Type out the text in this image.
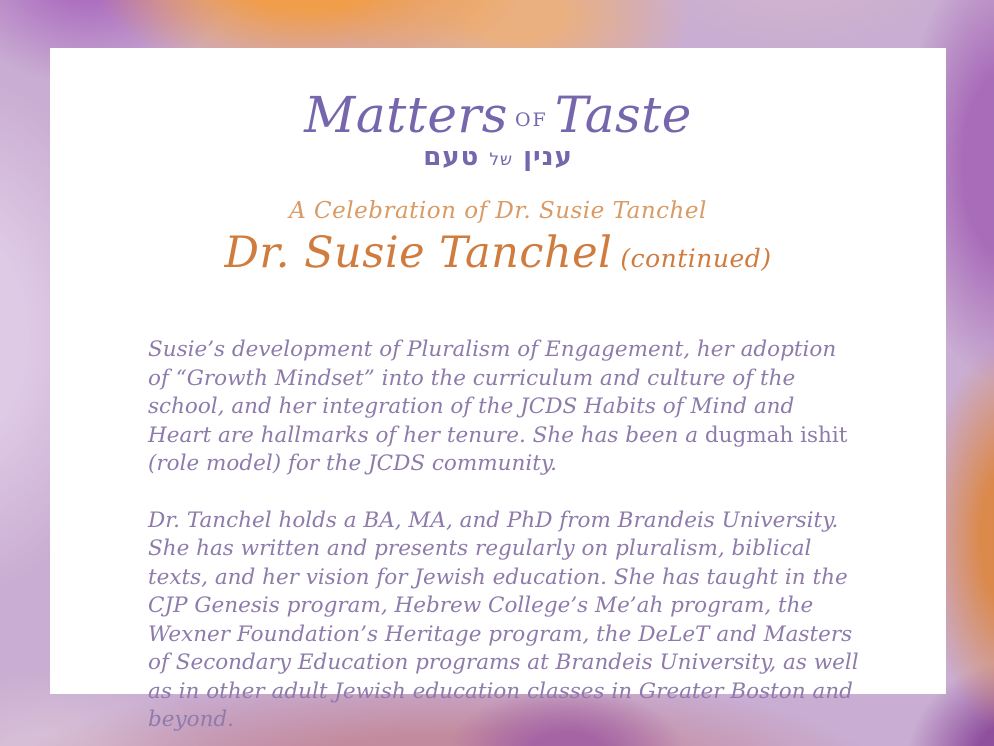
Matters OF Taste
ענין של טעם
A Celebration of Dr. Susie Tanchel
Dr. Susie Tanchel (continued)

Susie’s development of Pluralism of Engagement, her adoption of “Growth Mindset” into the curriculum and culture of the school, and her integration of the JCDS Habits of Mind and Heart are hallmarks of her tenure. She has been a dugmah ishit (role model) for the JCDS community.

Dr. Tanchel holds a BA, MA, and PhD from Brandeis University. She has written and presents regularly on pluralism, biblical texts, and her vision for Jewish education. She has taught in the CJP Genesis program, Hebrew College’s Me’ah program, the Wexner Foundation’s Heritage program, the DeLeT and Masters of Secondary Education programs at Brandeis University, as well as in other adult Jewish education classes in Greater Boston and beyond.
